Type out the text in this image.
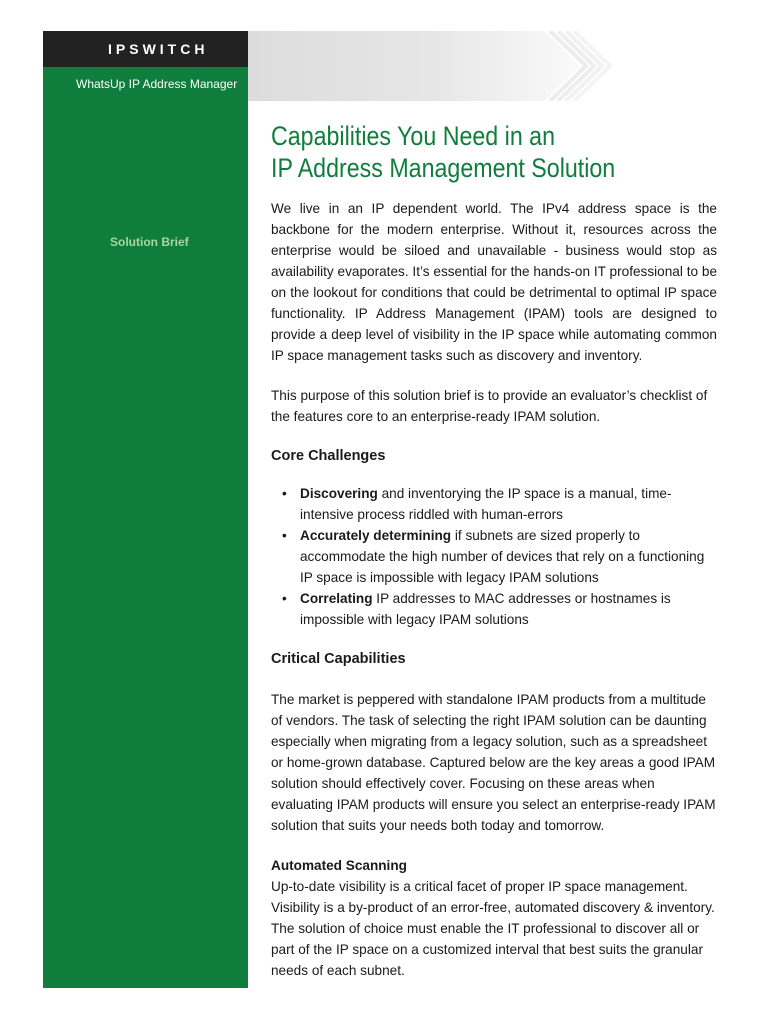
IPSWITCH
WhatsUp IP Address Manager
Solution Brief
Capabilities You Need in an
IP Address Management Solution

We live in an IP dependent world. The IPv4 address space is the backbone for the modern enterprise. Without it, resources across the enterprise would be siloed and unavailable - business would stop as availability evaporates. It’s essential for the hands-on IT professional to be on the lookout for conditions that could be detrimental to optimal IP space functionality. IP Address Management (IPAM) tools are designed to provide a deep level of visibility in the IP space while automating common IP space management tasks such as discovery and inventory.

This purpose of this solution brief is to provide an evaluator’s checklist of the features core to an enterprise-ready IPAM solution.

Core Challenges

• Discovering and inventorying the IP space is a manual, time-intensive process riddled with human-errors
• Accurately determining if subnets are sized properly to accommodate the high number of devices that rely on a functioning IP space is impossible with legacy IPAM solutions
• Correlating IP addresses to MAC addresses or hostnames is impossible with legacy IPAM solutions

Critical Capabilities

The market is peppered with standalone IPAM products from a multitude of vendors. The task of selecting the right IPAM solution can be daunting especially when migrating from a legacy solution, such as a spreadsheet or home-grown database. Captured below are the key areas a good IPAM solution should effectively cover. Focusing on these areas when evaluating IPAM products will ensure you select an enterprise-ready IPAM solution that suits your needs both today and tomorrow.

Automated Scanning

Up-to-date visibility is a critical facet of proper IP space management. Visibility is a by-product of an error-free, automated discovery & inventory. The solution of choice must enable the IT professional to discover all or part of the IP space on a customized interval that best suits the granular needs of each subnet.
